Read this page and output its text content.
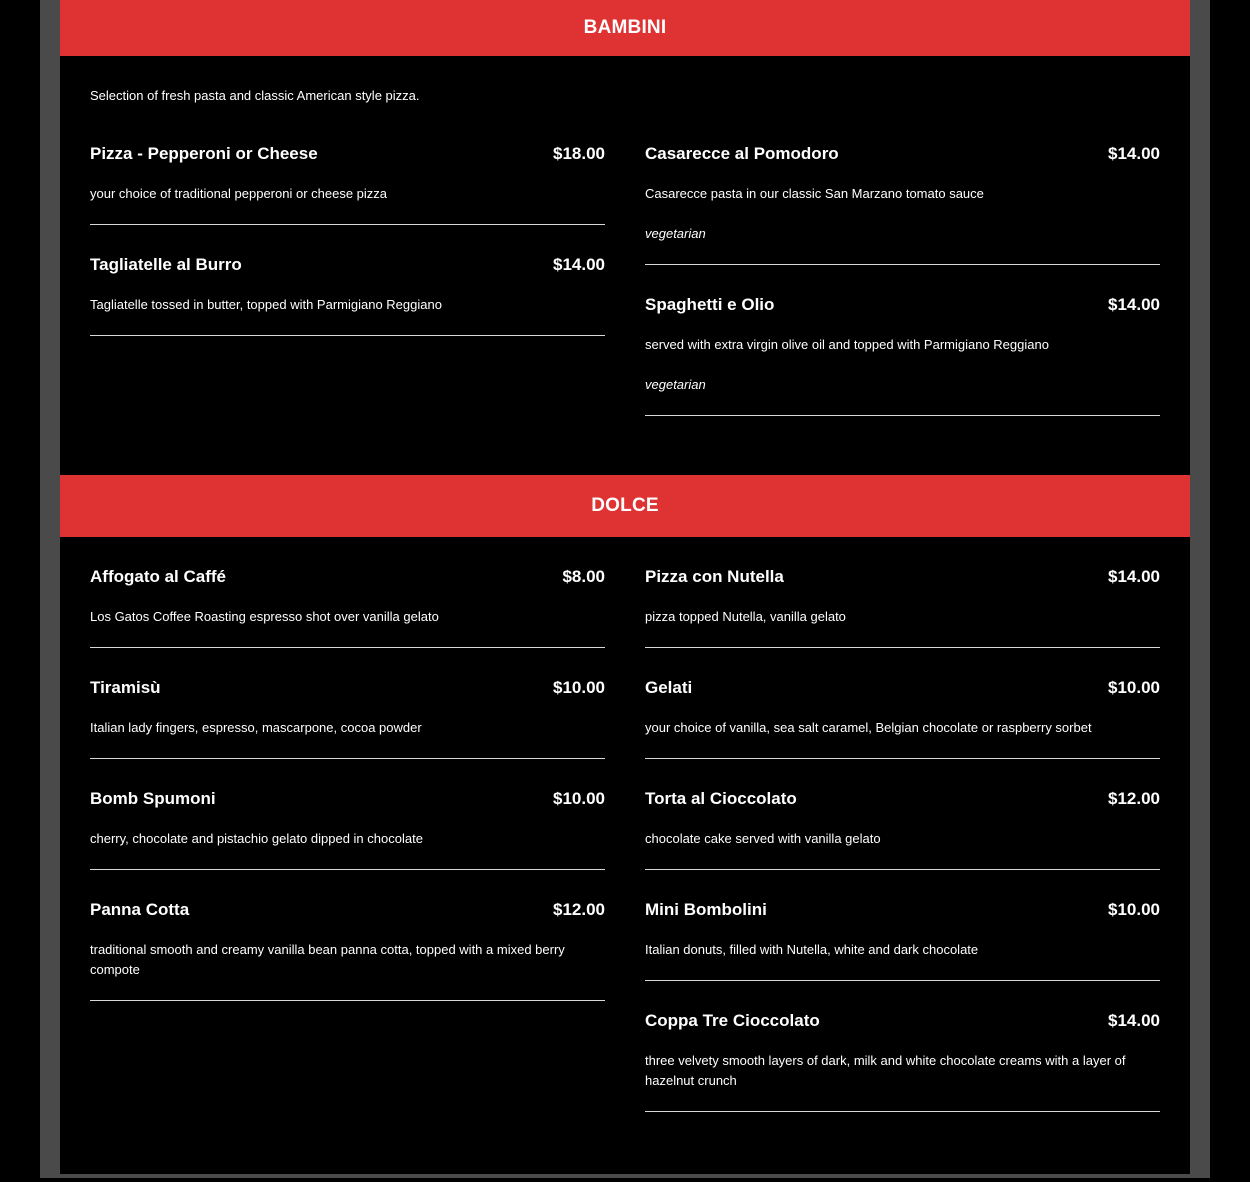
BAMBINI
Selection of fresh pasta and classic American style pizza.
Pizza - Pepperoni or Cheese	$18.00
your choice of traditional pepperoni or cheese pizza
Tagliatelle al Burro	$14.00
Tagliatelle tossed in butter, topped with Parmigiano Reggiano
Casarecce al Pomodoro	$14.00
Casarecce pasta in our classic San Marzano tomato sauce
vegetarian
Spaghetti e Olio	$14.00
served with extra virgin olive oil and topped with Parmigiano Reggiano
vegetarian
DOLCE
Affogato al Caffé	$8.00
Los Gatos Coffee Roasting espresso shot over vanilla gelato
Tiramisù	$10.00
Italian lady fingers, espresso, mascarpone, cocoa powder
Bomb Spumoni	$10.00
cherry, chocolate and pistachio gelato dipped in chocolate
Panna Cotta	$12.00
traditional smooth and creamy vanilla bean panna cotta, topped with a mixed berry compote
Pizza con Nutella	$14.00
pizza topped Nutella, vanilla gelato
Gelati	$10.00
your choice of vanilla, sea salt caramel, Belgian chocolate or raspberry sorbet
Torta al Cioccolato	$12.00
chocolate cake served with vanilla gelato
Mini Bombolini	$10.00
Italian donuts, filled with Nutella, white and dark chocolate
Coppa Tre Cioccolato	$14.00
three velvety smooth layers of dark, milk and white chocolate creams with a layer of hazelnut crunch
